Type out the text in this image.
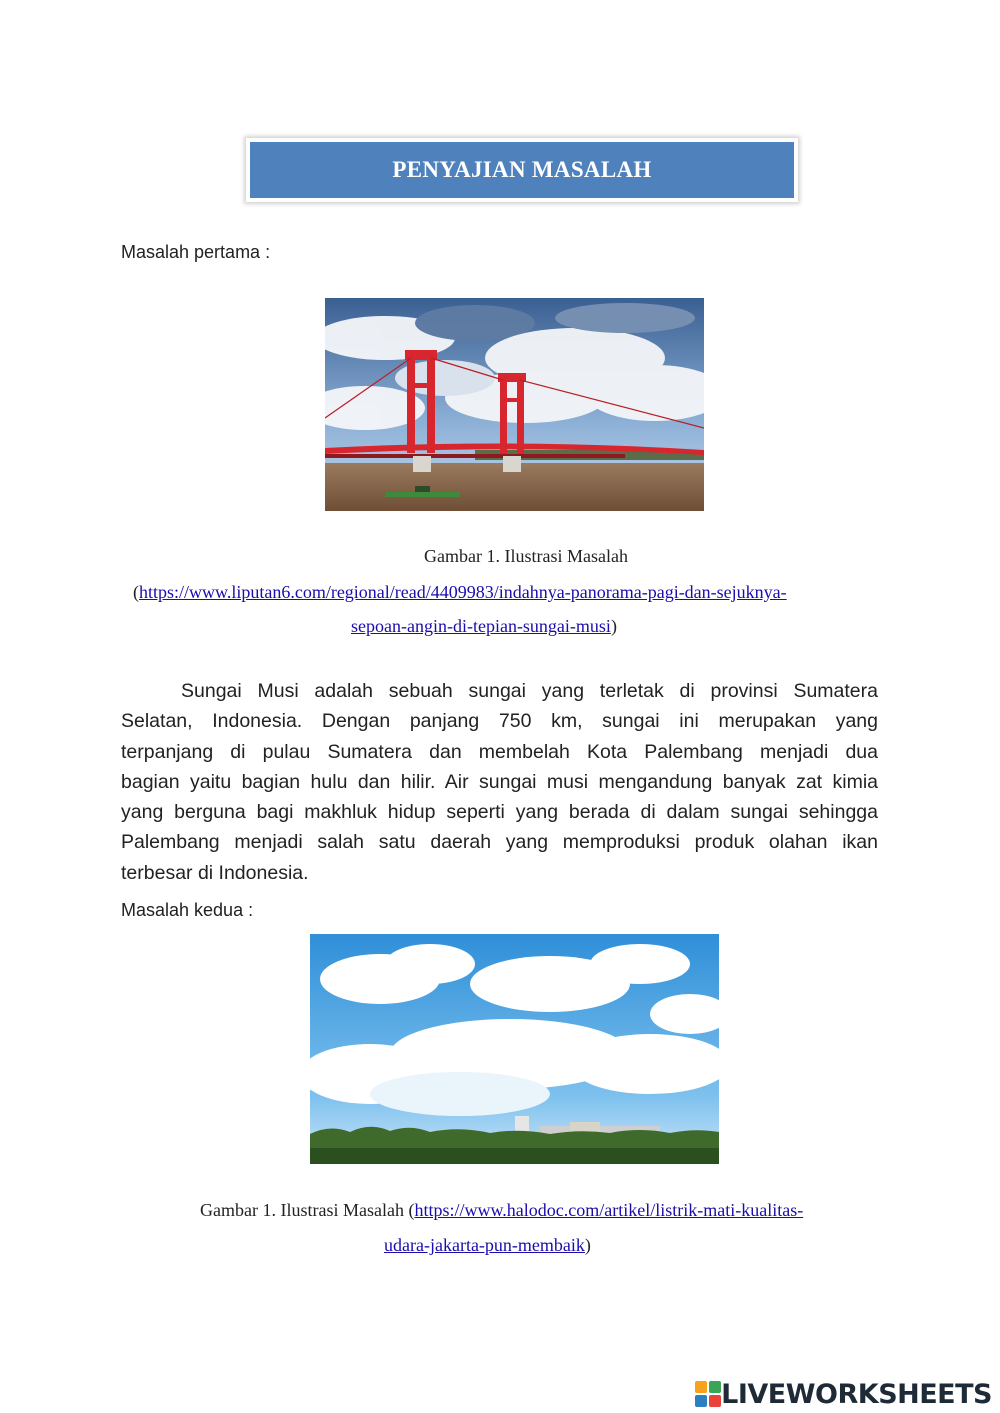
PENYAJIAN MASALAH
Masalah pertama :
Gambar 1. Ilustrasi Masalah
(https://www.liputan6.com/regional/read/4409983/indahnya-panorama-pagi-dan-sejuknya-
sepoan-angin-di-tepian-sungai-musi)
Sungai Musi adalah sebuah sungai yang terletak di provinsi Sumatera
Selatan, Indonesia. Dengan panjang 750 km, sungai ini merupakan yang
terpanjang di pulau Sumatera dan membelah Kota Palembang menjadi dua
bagian yaitu bagian hulu dan hilir. Air sungai musi mengandung banyak zat kimia
yang berguna bagi makhluk hidup seperti yang berada di dalam sungai sehingga
Palembang menjadi salah satu daerah yang memproduksi produk olahan ikan
terbesar di Indonesia.
Masalah kedua :
Gambar 1. Ilustrasi Masalah (https://www.halodoc.com/artikel/listrik-mati-kualitas-
udara-jakarta-pun-membaik)
LIVEWORKSHEETS
